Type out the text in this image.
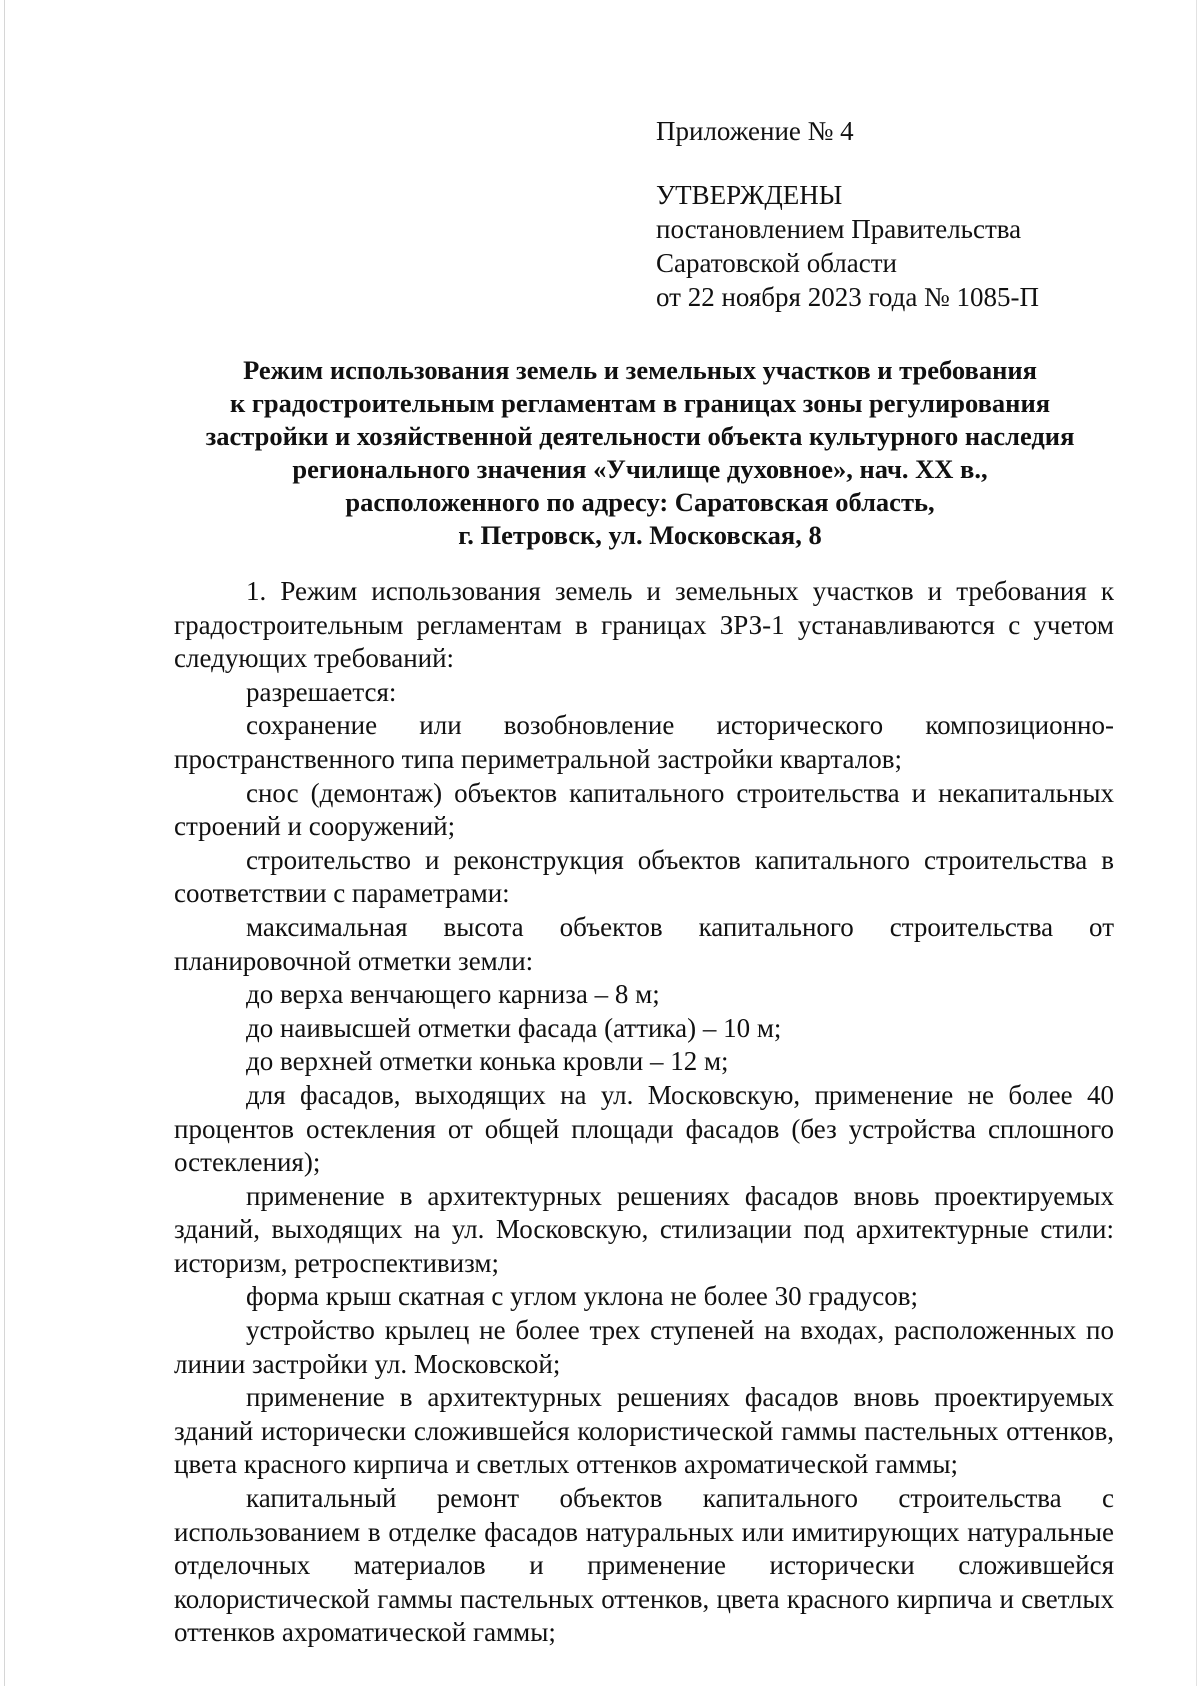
Приложение № 4
УТВЕРЖДЕНЫ
постановлением Правительства
Саратовской области
от 22 ноября 2023 года № 1085-П
Режим использования земель и земельных участков и требования
к градостроительным регламентам в границах зоны регулирования
застройки и хозяйственной деятельности объекта культурного наследия
регионального значения «Училище духовное», нач. XX в.,
расположенного по адресу: Саратовская область,
г. Петровск, ул. Московская, 8

1. Режим использования земель и земельных участков и требования к градостроительным регламентам в границах ЗРЗ-1 устанавливаются с учетом следующих требований:

разрешается:

сохранение или возобновление исторического композиционно-пространственного типа периметральной застройки кварталов;

снос (демонтаж) объектов капитального строительства и некапитальных строений и сооружений;

строительство и реконструкция объектов капитального строительства в соответствии с параметрами:

максимальная высота объектов капитального строительства от планировочной отметки земли:

до верха венчающего карниза – 8 м;

до наивысшей отметки фасада (аттика) – 10 м;

до верхней отметки конька кровли – 12 м;

для фасадов, выходящих на ул. Московскую, применение не более 40 процентов остекления от общей площади фасадов (без устройства сплошного остекления);

применение в архитектурных решениях фасадов вновь проектируемых зданий, выходящих на ул. Московскую, стилизации под архитектурные стили: историзм, ретроспективизм;

форма крыш скатная с углом уклона не более 30 градусов;

устройство крылец не более трех ступеней на входах, расположенных по линии застройки ул. Московской;

применение в архитектурных решениях фасадов вновь проектируемых зданий исторически сложившейся колористической гаммы пастельных оттенков, цвета красного кирпича и светлых оттенков ахроматической гаммы;

капитальный ремонт объектов капитального строительства с использованием в отделке фасадов натуральных или имитирующих натуральные отделочных материалов и применение исторически сложившейся колористической гаммы пастельных оттенков, цвета красного кирпича и светлых оттенков ахроматической гаммы;
